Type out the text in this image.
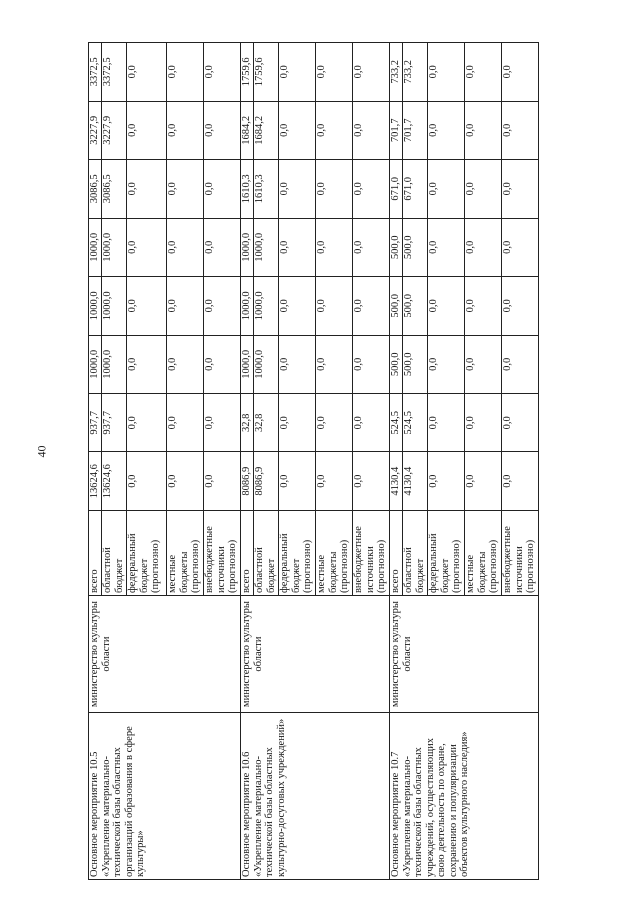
40
Основное мероприятие 10.5 «Укрепление материально-технической базы областных организаций образования в сфере культуры»	министерство культуры области	всего	13624,6	937,7	1000,0	1000,0	1000,0	3086,5	3227,9	3372,5
		областной бюджет	13624,6	937,7	1000,0	1000,0	1000,0	3086,5	3227,9	3372,5
		федеральный бюджет (прогнозно)	0,0	0,0	0,0	0,0	0,0	0,0	0,0	0,0
		местные бюджеты (прогнозно)	0,0	0,0	0,0	0,0	0,0	0,0	0,0	0,0
		внебюджетные источники (прогнозно)	0,0	0,0	0,0	0,0	0,0	0,0	0,0	0,0
Основное мероприятие 10.6 «Укрепление материально-технической базы областных культурно-досуговых учреждений»	министерство культуры области	всего	8086,9	32,8	1000,0	1000,0	1000,0	1610,3	1684,2	1759,6
		областной бюджет	8086,9	32,8	1000,0	1000,0	1000,0	1610,3	1684,2	1759,6
		федеральный бюджет (прогнозно)	0,0	0,0	0,0	0,0	0,0	0,0	0,0	0,0
		местные бюджеты (прогнозно)	0,0	0,0	0,0	0,0	0,0	0,0	0,0	0,0
		внебюджетные источники (прогнозно)	0,0	0,0	0,0	0,0	0,0	0,0	0,0	0,0
Основное мероприятие 10.7 «Укрепление материально-технической базы областных учреждений, осуществляющих свою деятельность по охране, сохранению и популяризации объектов культурного наследия»	министерство культуры области	всего	4130,4	524,5	500,0	500,0	500,0	671,0	701,7	733,2
		областной бюджет	4130,4	524,5	500,0	500,0	500,0	671,0	701,7	733,2
		федеральный бюджет (прогнозно)	0,0	0,0	0,0	0,0	0,0	0,0	0,0	0,0
		местные бюджеты (прогнозно)	0,0	0,0	0,0	0,0	0,0	0,0	0,0	0,0
		внебюджетные источники (прогнозно)	0,0	0,0	0,0	0,0	0,0	0,0	0,0	0,0
